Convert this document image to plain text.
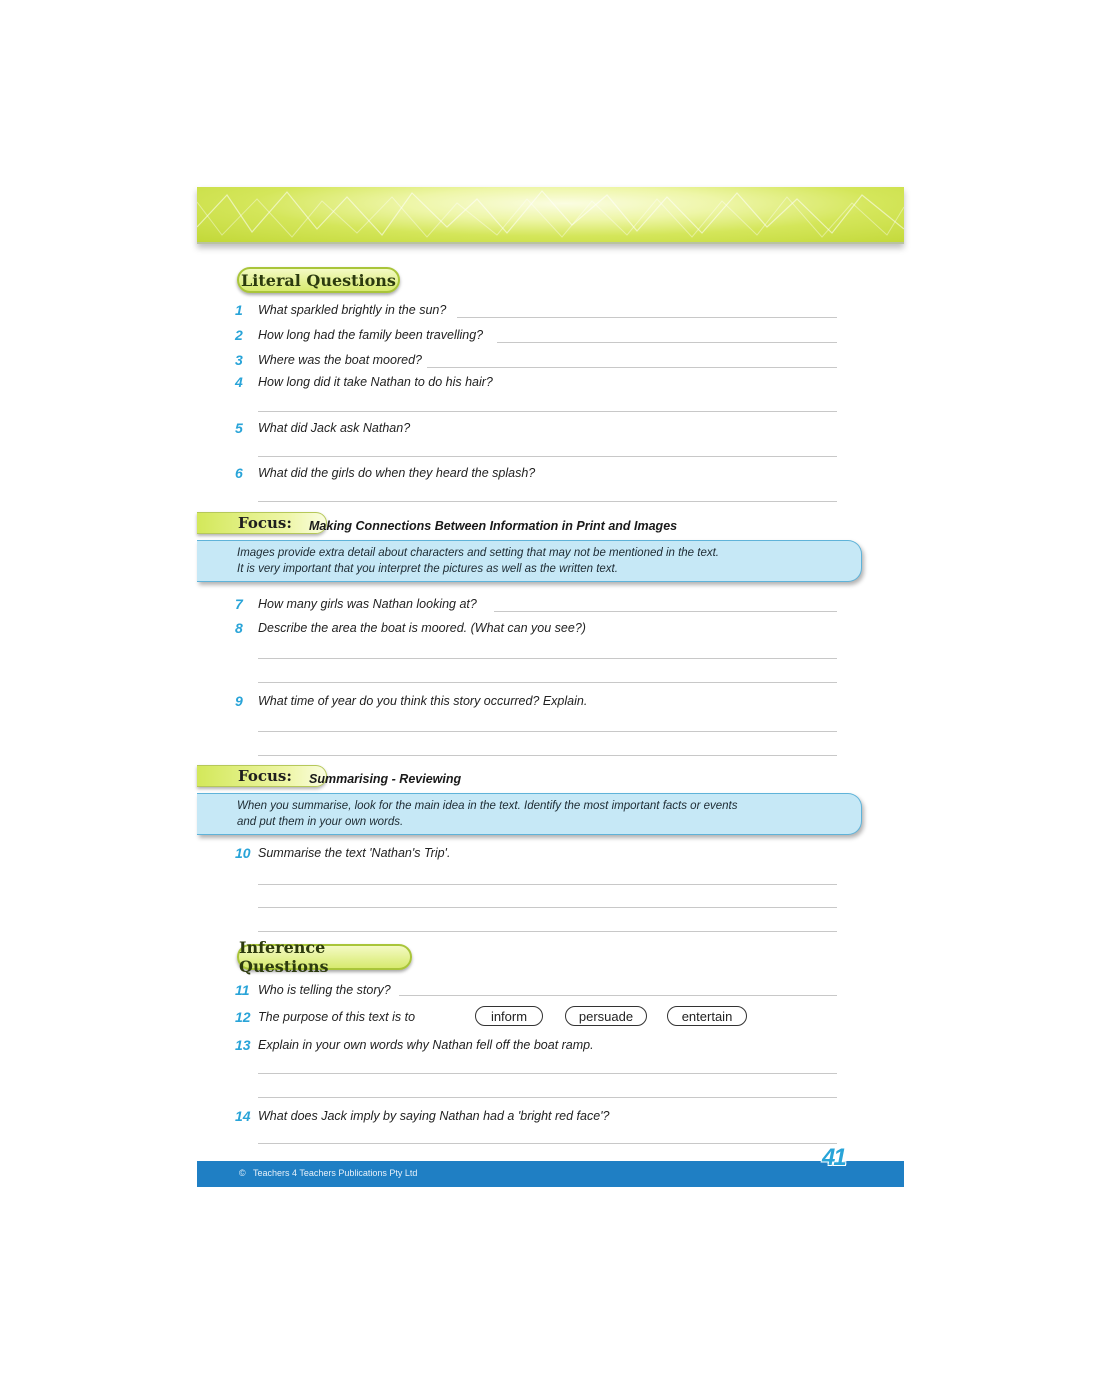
Literal Questions
1	What sparkled brightly in the sun?
2	How long had the family been travelling?
3	Where was the boat moored?
4	How long did it take Nathan to do his hair?
5	What did Jack ask Nathan?
6	What did the girls do when they heard the splash?
Focus:	Making Connections Between Information in Print and Images
Images provide extra detail about characters and setting that may not be mentioned in the text.
It is very important that you interpret the pictures as well as the written text.
7	How many girls was Nathan looking at?
8	Describe the area the boat is moored. (What can you see?)
9	What time of year do you think this story occurred? Explain.
Focus:	Summarising - Reviewing
When you summarise, look for the main idea in the text. Identify the most important facts or events
and put them in your own words.
10 Summarise the text 'Nathan's Trip'.
Inference Questions
11 Who is telling the story?
12 The purpose of this text is to	inform	persuade	entertain
13 Explain in your own words why Nathan fell off the boat ramp.
14 What does Jack imply by saying Nathan had a 'bright red face'?
© Teachers 4 Teachers Publications Pty Ltd
41
